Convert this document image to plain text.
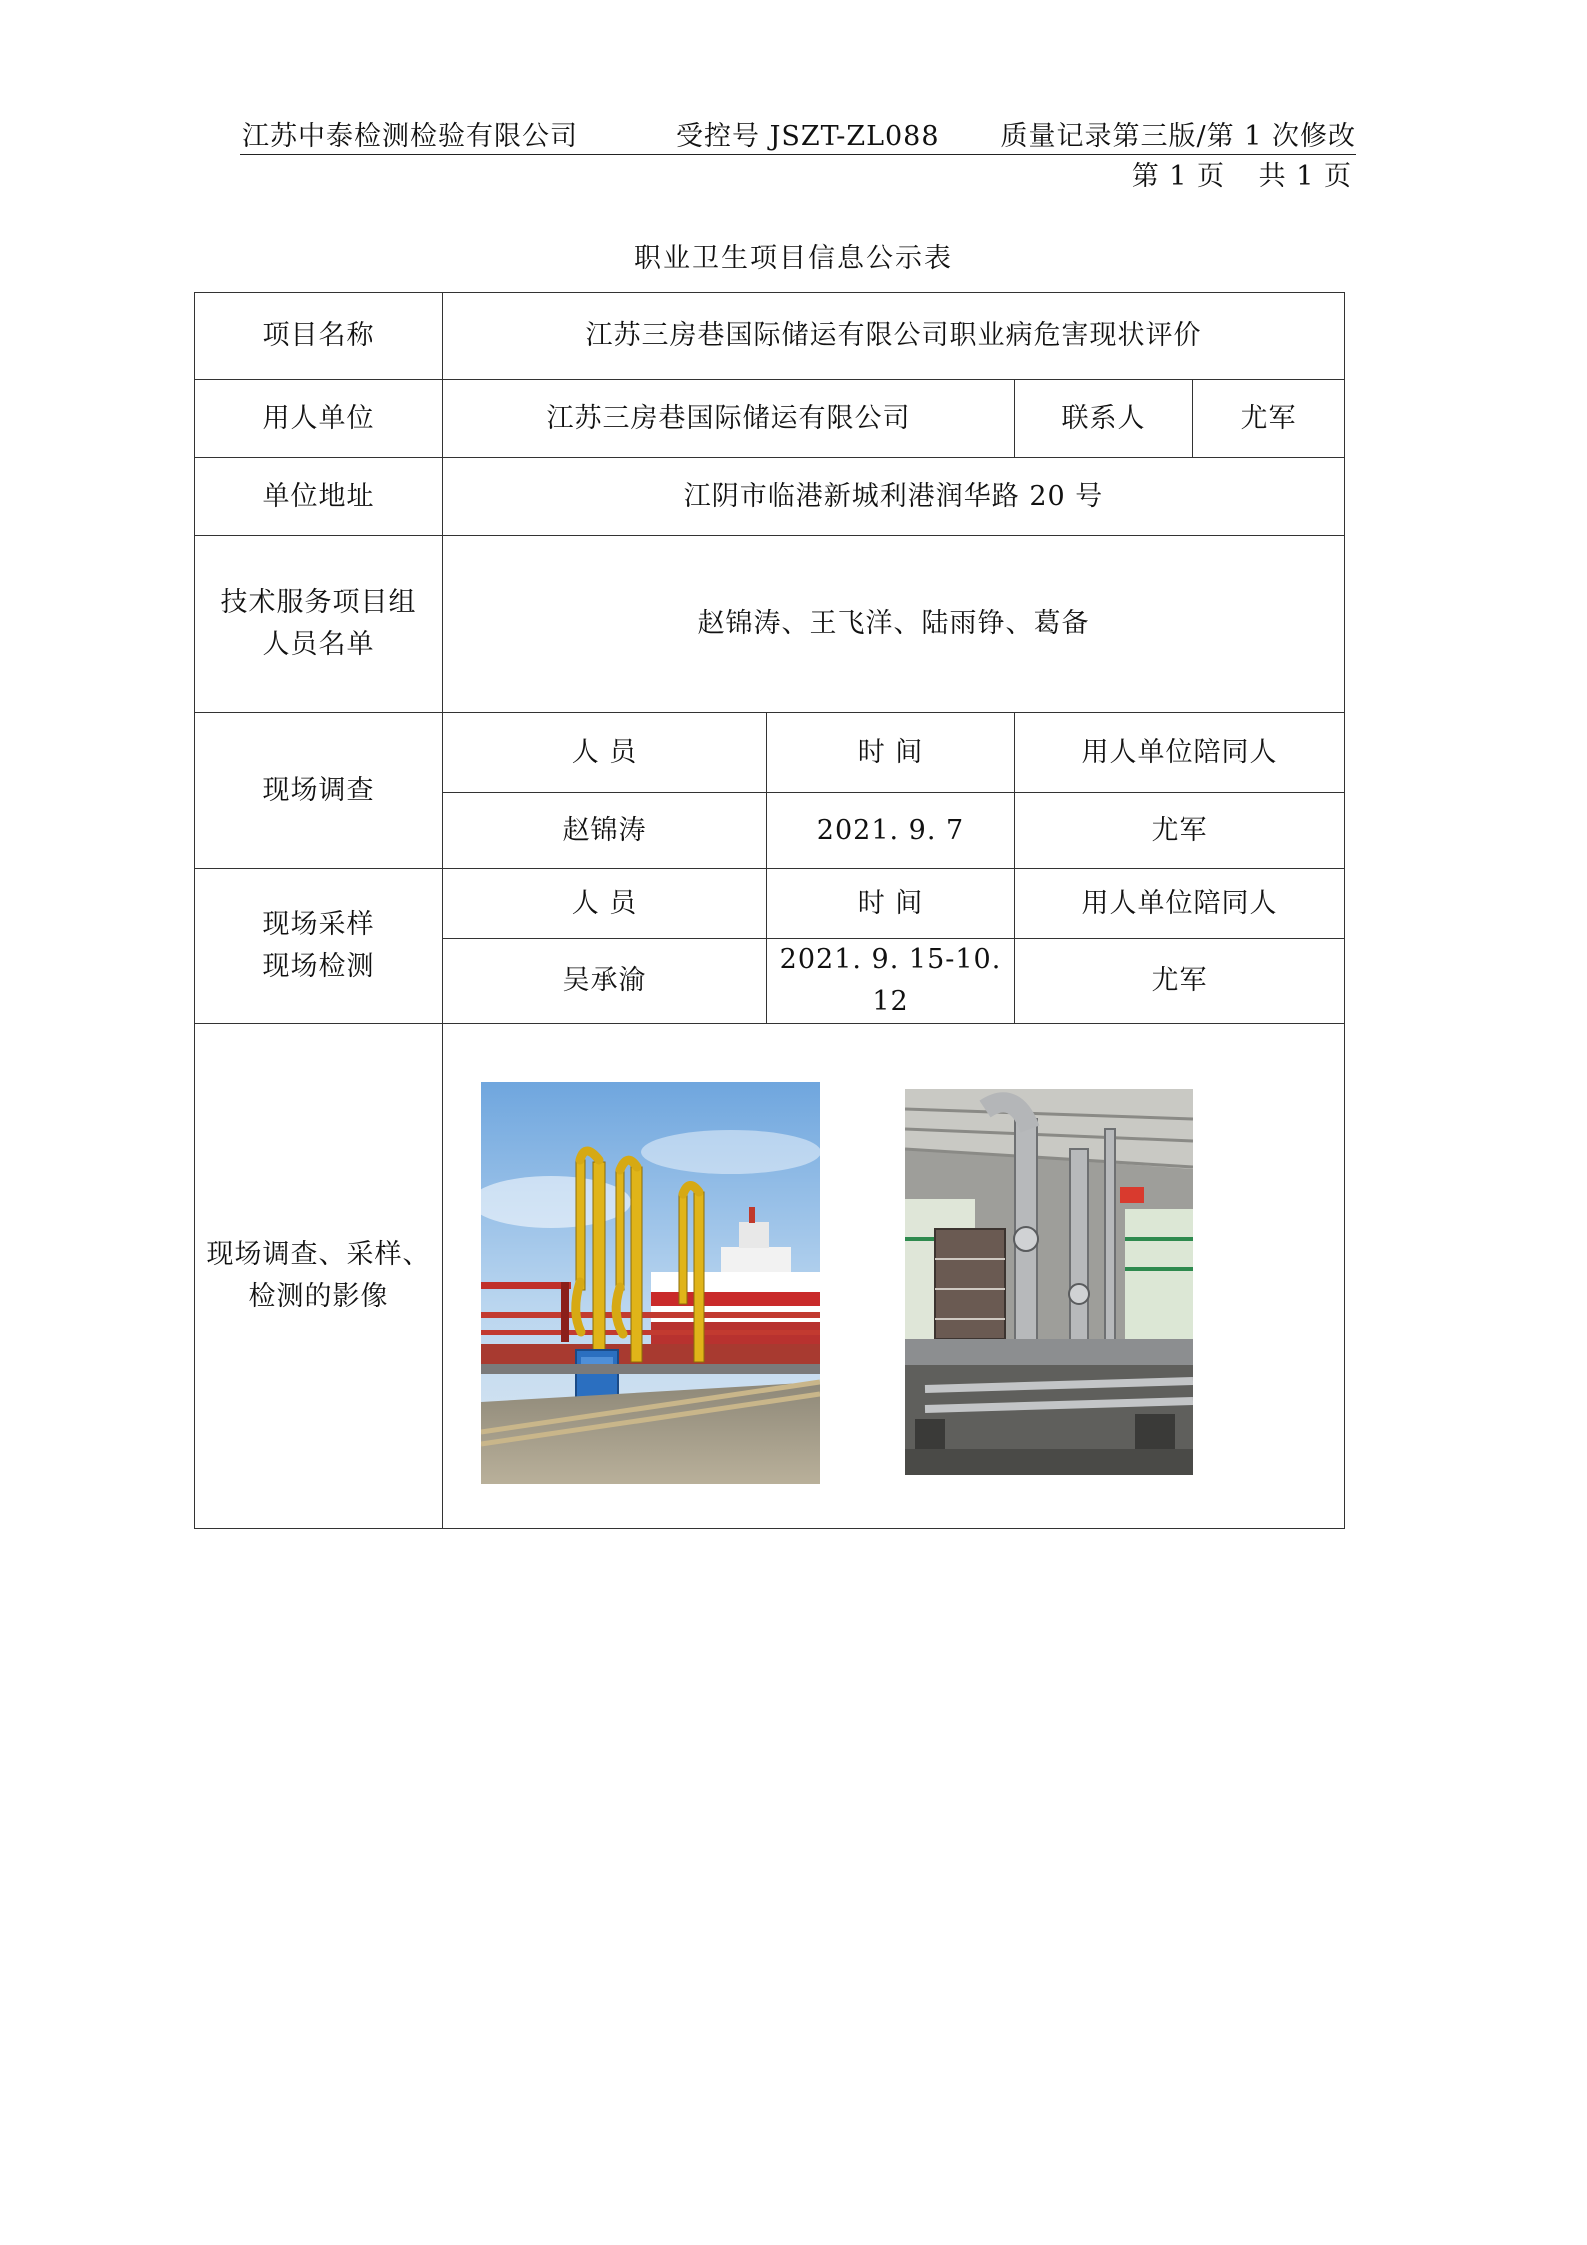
江苏中泰检测检验有限公司	受控号 JSZT-ZL088 质量记录第三版/第 1 次修改
第 1 页 共 1 页
职业卫生项目信息公示表
项目名称	江苏三房巷国际储运有限公司职业病危害现状评价			
用人单位	江苏三房巷国际储运有限公司		联系人	尤军
单位地址	江阴市临港新城利港润华路 20 号			

技术服务项目组
人员名单	赵锦涛、王飞洋、陆雨铮、葛备			
现场调查	人 员	时 间	用人单位陪同人	
	赵锦涛	2021. 9. 7	尤军	

现场采样
现场检测	人 员	时 间	用人单位陪同人	
	吴承渝	2021. 9. 15-10. 12	尤军	

现场调查、采样、
检测的影像
